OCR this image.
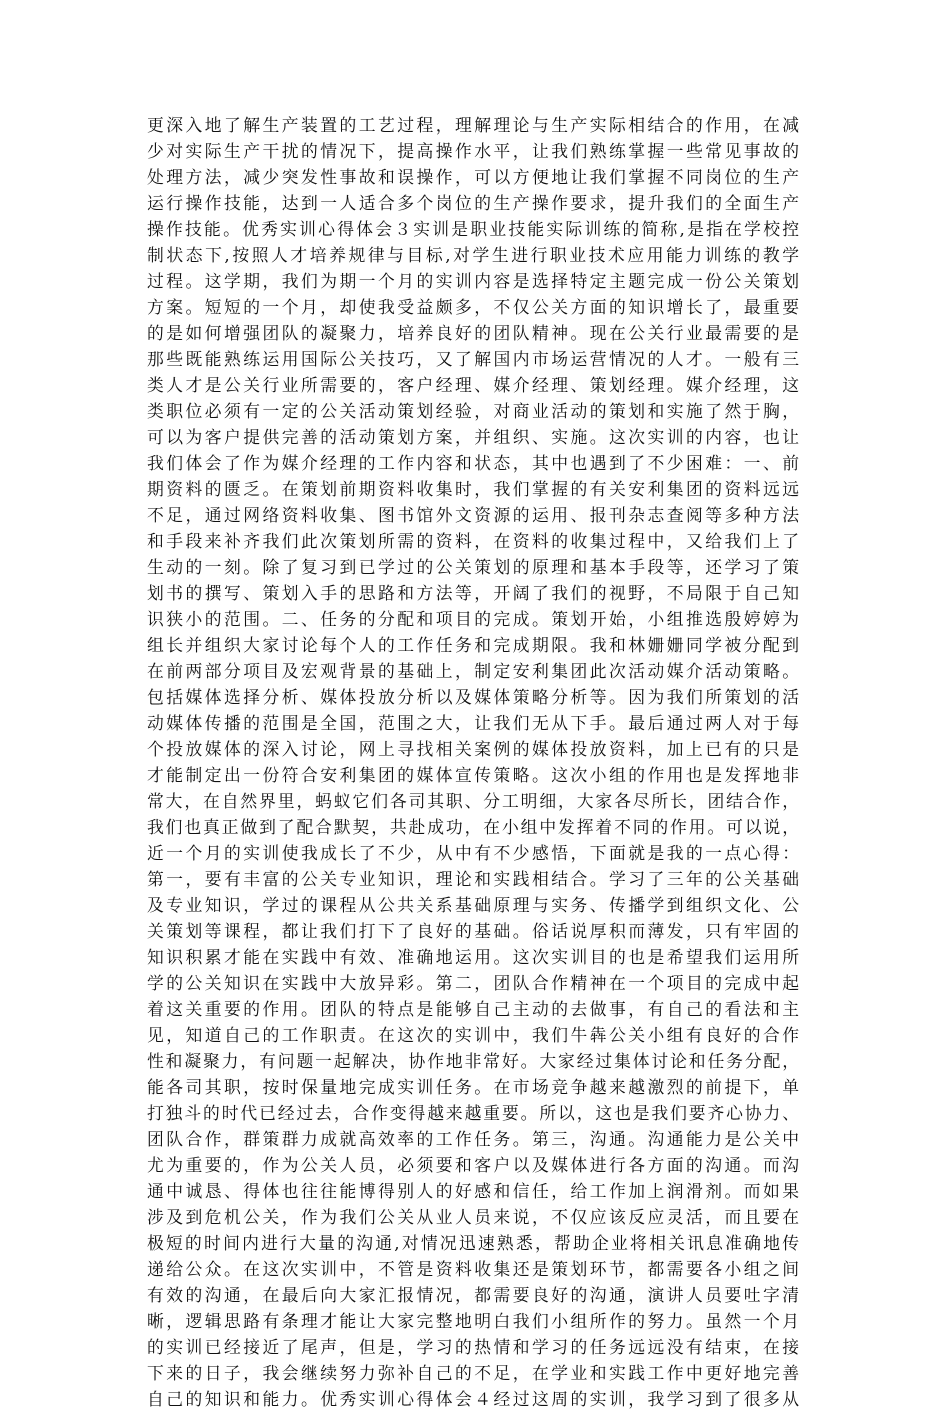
更深入地了解生产装置的工艺过程，理解理论与生产实际相结合的作用，在减
少对实际生产干扰的情况下，提高操作水平，让我们熟练掌握一些常见事故的
处理方法，减少突发性事故和误操作，可以方便地让我们掌握不同岗位的生产
运行操作技能，达到一人适合多个岗位的生产操作要求，提升我们的全面生产
操作技能。优秀实训心得体会３实训是职业技能实际训练的简称,是指在学校控
制状态下,按照人才培养规律与目标,对学生进行职业技术应用能力训练的教学
过程。这学期，我们为期一个月的实训内容是选择特定主题完成一份公关策划
方案。短短的一个月，却使我受益颇多，不仅公关方面的知识增长了，最重要
的是如何增强团队的凝聚力，培养良好的团队精神。现在公关行业最需要的是
那些既能熟练运用国际公关技巧，又了解国内市场运营情况的人才。一般有三
类人才是公关行业所需要的，客户经理、媒介经理、策划经理。媒介经理，这
类职位必须有一定的公关活动策划经验，对商业活动的策划和实施了然于胸，
可以为客户提供完善的活动策划方案，并组织、实施。这次实训的内容，也让
我们体会了作为媒介经理的工作内容和状态，其中也遇到了不少困难：一、前
期资料的匮乏。在策划前期资料收集时，我们掌握的有关安利集团的资料远远
不足，通过网络资料收集、图书馆外文资源的运用、报刊杂志查阅等多种方法
和手段来补齐我们此次策划所需的资料，在资料的收集过程中，又给我们上了
生动的一刻。除了复习到已学过的公关策划的原理和基本手段等，还学习了策
划书的撰写、策划入手的思路和方法等，开阔了我们的视野，不局限于自己知
识狭小的范围。二、任务的分配和项目的完成。策划开始，小组推选殷婷婷为
组长并组织大家讨论每个人的工作任务和完成期限。我和林姗姗同学被分配到
在前两部分项目及宏观背景的基础上，制定安利集团此次活动媒介活动策略。
包括媒体选择分析、媒体投放分析以及媒体策略分析等。因为我们所策划的活
动媒体传播的范围是全国，范围之大，让我们无从下手。最后通过两人对于每
个投放媒体的深入讨论，网上寻找相关案例的媒体投放资料，加上已有的只是
才能制定出一份符合安利集团的媒体宣传策略。这次小组的作用也是发挥地非
常大，在自然界里，蚂蚁它们各司其职、分工明细，大家各尽所长，团结合作，
我们也真正做到了配合默契，共赴成功，在小组中发挥着不同的作用。可以说，
近一个月的实训使我成长了不少，从中有不少感悟，下面就是我的一点心得：
第一，要有丰富的公关专业知识，理论和实践相结合。学习了三年的公关基础
及专业知识，学过的课程从公共关系基础原理与实务、传播学到组织文化、公
关策划等课程，都让我们打下了良好的基础。俗话说厚积而薄发，只有牢固的
知识积累才能在实践中有效、准确地运用。这次实训目的也是希望我们运用所
学的公关知识在实践中大放异彩。第二，团队合作精神在一个项目的完成中起
着这关重要的作用。团队的特点是能够自己主动的去做事，有自己的看法和主
见，知道自己的工作职责。在这次的实训中，我们牛犇公关小组有良好的合作
性和凝聚力，有问题一起解决，协作地非常好。大家经过集体讨论和任务分配，
能各司其职，按时保量地完成实训任务。在市场竞争越来越激烈的前提下，单
打独斗的时代已经过去，合作变得越来越重要。所以，这也是我们要齐心协力、
团队合作，群策群力成就高效率的工作任务。第三，沟通。沟通能力是公关中
尤为重要的，作为公关人员，必须要和客户以及媒体进行各方面的沟通。而沟
通中诚恳、得体也往往能博得别人的好感和信任，给工作加上润滑剂。而如果
涉及到危机公关，作为我们公关从业人员来说，不仅应该反应灵活，而且要在
极短的时间内进行大量的沟通,对情况迅速熟悉，帮助企业将相关讯息准确地传
递给公众。在这次实训中，不管是资料收集还是策划环节，都需要各小组之间
有效的沟通，在最后向大家汇报情况，都需要良好的沟通，演讲人员要吐字清
晰，逻辑思路有条理才能让大家完整地明白我们小组所作的努力。虽然一个月
的实训已经接近了尾声，但是，学习的热情和学习的任务远远没有结束，在接
下来的日子，我会继续努力弥补自己的不足，在学业和实践工作中更好地完善
自己的知识和能力。优秀实训心得体会４经过这周的实训，我学习到了很多从
